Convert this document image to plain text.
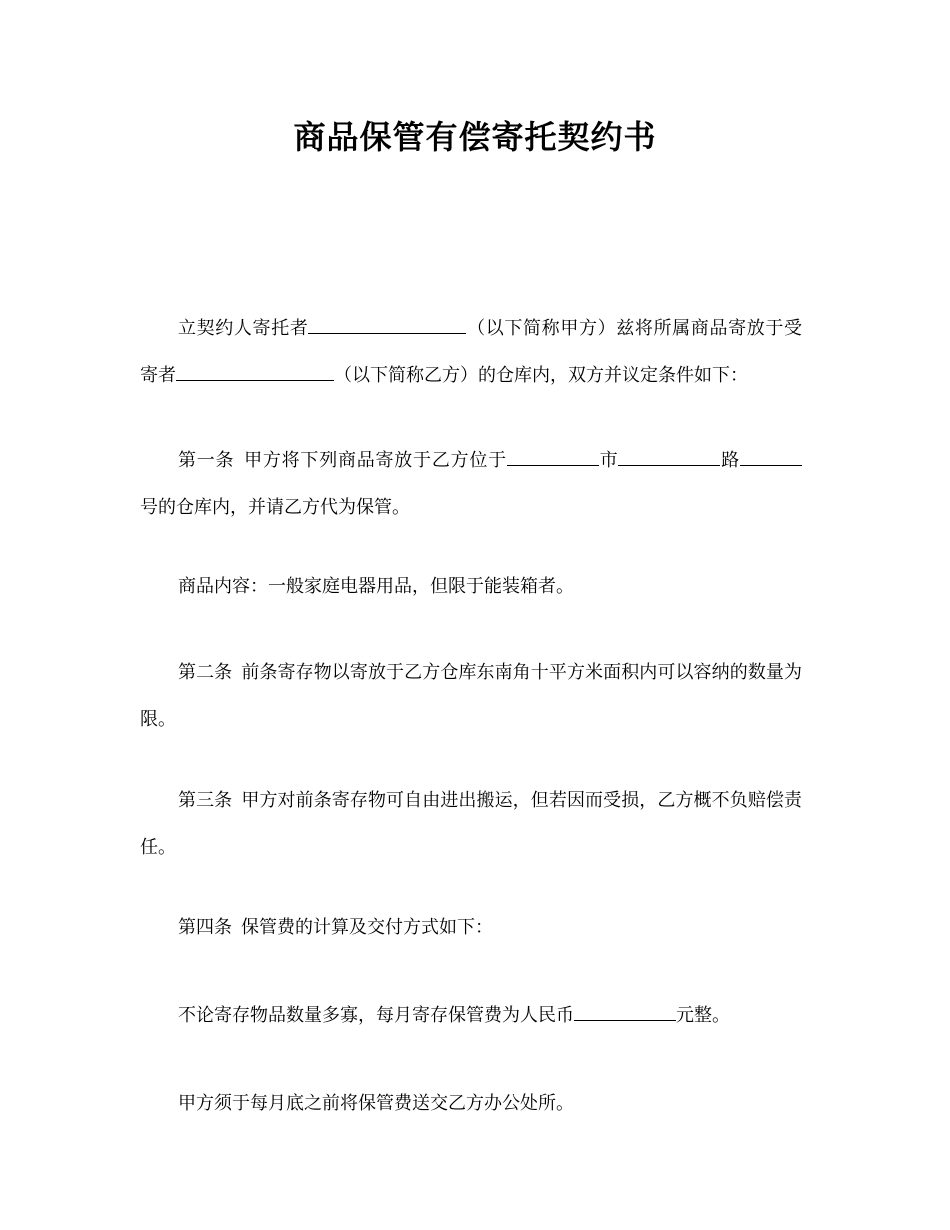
商品保管有偿寄托契约书
立契约人寄托者	（以下简称甲方）兹将所属商品寄放于受寄者	（以下简称乙方）的仓库内，双方并议定条件如下：
第一条 甲方将下列商品寄放于乙方位于	市	路号的仓库内，并请乙方代为保管。
商品内容：一般家庭电器用品，但限于能装箱者。
第二条 前条寄存物以寄放于乙方仓库东南角十平方米面积内可以容纳的数量为限。
第三条 甲方对前条寄存物可自由进出搬运，但若因而受损，乙方概不负赔偿责任。
第四条 保管费的计算及交付方式如下：
不论寄存物品数量多寡，每月寄存保管费为人民币	元整。
甲方须于每月底之前将保管费送交乙方办公处所。
